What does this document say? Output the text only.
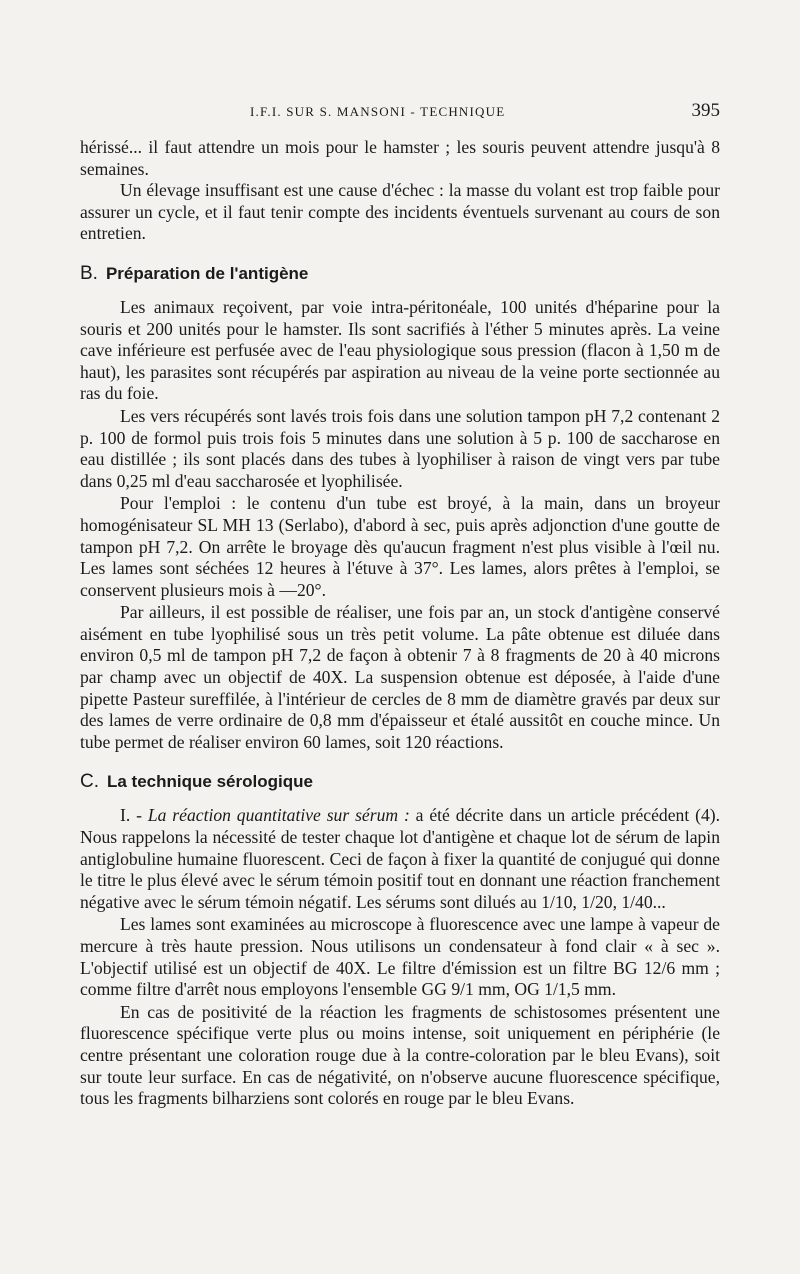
I.F.I. SUR S. MANSONI - TECHNIQUE	395

hérissé... il faut attendre un mois pour le hamster ; les souris peuvent attendre jusqu'à 8 semaines.

Un élevage insuffisant est une cause d'échec : la masse du volant est trop faible pour assurer un cycle, et il faut tenir compte des incidents éventuels survenant au cours de son entretien.

B. Préparation de l'antigène

Les animaux reçoivent, par voie intra-péritonéale, 100 unités d'héparine pour la souris et 200 unités pour le hamster. Ils sont sacrifiés à l'éther 5 minutes après. La veine cave inférieure est perfusée avec de l'eau physiologique sous pression (flacon à 1,50 m de haut), les parasites sont récupérés par aspiration au niveau de la veine porte sectionnée au ras du foie.

Les vers récupérés sont lavés trois fois dans une solution tampon pH 7,2 contenant 2 p. 100 de formol puis trois fois 5 minutes dans une solution à 5 p. 100 de saccharose en eau distillée ; ils sont placés dans des tubes à lyophiliser à raison de vingt vers par tube dans 0,25 ml d'eau saccharosée et lyophilisée.

Pour l'emploi : le contenu d'un tube est broyé, à la main, dans un broyeur homogénisateur SL MH 13 (Serlabo), d'abord à sec, puis après adjonction d'une goutte de tampon pH 7,2. On arrête le broyage dès qu'aucun fragment n'est plus visible à l'œil nu. Les lames sont séchées 12 heures à l'étuve à 37°. Les lames, alors prêtes à l'emploi, se conservent plusieurs mois à —20°.

Par ailleurs, il est possible de réaliser, une fois par an, un stock d'antigène conservé aisément en tube lyophilisé sous un très petit volume. La pâte obtenue est diluée dans environ 0,5 ml de tampon pH 7,2 de façon à obtenir 7 à 8 fragments de 20 à 40 microns par champ avec un objectif de 40X. La suspension obtenue est déposée, à l'aide d'une pipette Pasteur sureffilée, à l'intérieur de cercles de 8 mm de diamètre gravés par deux sur des lames de verre ordinaire de 0,8 mm d'épaisseur et étalé aussitôt en couche mince. Un tube permet de réaliser environ 60 lames, soit 120 réactions.

C. La technique sérologique

I. - La réaction quantitative sur sérum : a été décrite dans un article précédent (4). Nous rappelons la nécessité de tester chaque lot d'antigène et chaque lot de sérum de lapin antiglobuline humaine fluorescent. Ceci de façon à fixer la quantité de conjugué qui donne le titre le plus élevé avec le sérum témoin positif tout en donnant une réaction franchement négative avec le sérum témoin négatif. Les sérums sont dilués au 1/10, 1/20, 1/40...

Les lames sont examinées au microscope à fluorescence avec une lampe à vapeur de mercure à très haute pression. Nous utilisons un condensateur à fond clair « à sec ». L'objectif utilisé est un objectif de 40X. Le filtre d'émission est un filtre BG 12/6 mm ; comme filtre d'arrêt nous employons l'ensemble GG 9/1 mm, OG 1/1,5 mm.

En cas de positivité de la réaction les fragments de schistosomes présentent une fluorescence spécifique verte plus ou moins intense, soit uniquement en périphérie (le centre présentant une coloration rouge due à la contre-coloration par le bleu Evans), soit sur toute leur surface. En cas de négativité, on n'observe aucune fluorescence spécifique, tous les fragments bilharziens sont colorés en rouge par le bleu Evans.
